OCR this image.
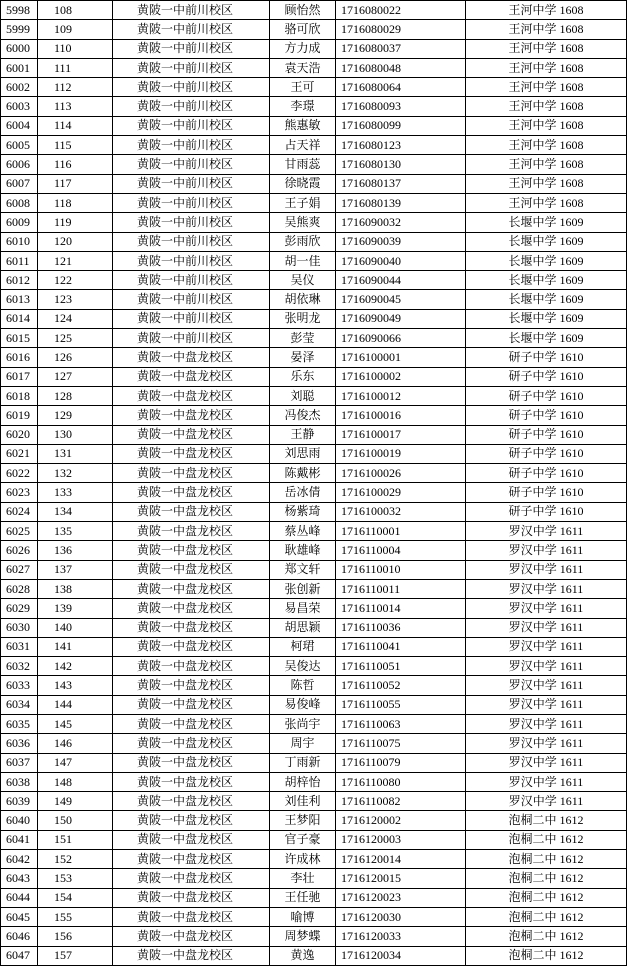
5998	108	黄陂一中前川校区	顾怡然	1716080022	王河中学 1608
5999	109	黄陂一中前川校区	骆可欣	1716080029	王河中学 1608
6000	110	黄陂一中前川校区	方力成	1716080037	王河中学 1608
6001	111	黄陂一中前川校区	袁天浩	1716080048	王河中学 1608
6002	112	黄陂一中前川校区	王可	1716080064	王河中学 1608
6003	113	黄陂一中前川校区	李璟	1716080093	王河中学 1608
6004	114	黄陂一中前川校区	熊惠敏	1716080099	王河中学 1608
6005	115	黄陂一中前川校区	占天祥	1716080123	王河中学 1608
6006	116	黄陂一中前川校区	甘雨蕊	1716080130	王河中学 1608
6007	117	黄陂一中前川校区	徐晓霞	1716080137	王河中学 1608
6008	118	黄陂一中前川校区	王子娟	1716080139	王河中学 1608
6009	119	黄陂一中前川校区	吴熊爽	1716090032	长堰中学 1609
6010	120	黄陂一中前川校区	彭雨欣	1716090039	长堰中学 1609
6011	121	黄陂一中前川校区	胡一佳	1716090040	长堰中学 1609
6012	122	黄陂一中前川校区	吴仪	1716090044	长堰中学 1609
6013	123	黄陂一中前川校区	胡依琳	1716090045	长堰中学 1609
6014	124	黄陂一中前川校区	张明龙	1716090049	长堰中学 1609
6015	125	黄陂一中前川校区	彭莹	1716090066	长堰中学 1609
6016	126	黄陂一中盘龙校区	晏泽	1716100001	研子中学 1610
6017	127	黄陂一中盘龙校区	乐东	1716100002	研子中学 1610
6018	128	黄陂一中盘龙校区	刘聪	1716100012	研子中学 1610
6019	129	黄陂一中盘龙校区	冯俊杰	1716100016	研子中学 1610
6020	130	黄陂一中盘龙校区	王静	1716100017	研子中学 1610
6021	131	黄陂一中盘龙校区	刘思雨	1716100019	研子中学 1610
6022	132	黄陂一中盘龙校区	陈戴彬	1716100026	研子中学 1610
6023	133	黄陂一中盘龙校区	岳冰倩	1716100029	研子中学 1610
6024	134	黄陂一中盘龙校区	杨紫琦	1716100032	研子中学 1610
6025	135	黄陂一中盘龙校区	蔡丛峰	1716110001	罗汉中学 1611
6026	136	黄陂一中盘龙校区	耿雄峰	1716110004	罗汉中学 1611
6027	137	黄陂一中盘龙校区	郑文轩	1716110010	罗汉中学 1611
6028	138	黄陂一中盘龙校区	张创新	1716110011	罗汉中学 1611
6029	139	黄陂一中盘龙校区	易昌荣	1716110014	罗汉中学 1611
6030	140	黄陂一中盘龙校区	胡思颖	1716110036	罗汉中学 1611
6031	141	黄陂一中盘龙校区	柯珺	1716110041	罗汉中学 1611
6032	142	黄陂一中盘龙校区	吴俊达	1716110051	罗汉中学 1611
6033	143	黄陂一中盘龙校区	陈哲	1716110052	罗汉中学 1611
6034	144	黄陂一中盘龙校区	易俊峰	1716110055	罗汉中学 1611
6035	145	黄陂一中盘龙校区	张尚宇	1716110063	罗汉中学 1611
6036	146	黄陂一中盘龙校区	周宇	1716110075	罗汉中学 1611
6037	147	黄陂一中盘龙校区	丁雨新	1716110079	罗汉中学 1611
6038	148	黄陂一中盘龙校区	胡梓怡	1716110080	罗汉中学 1611
6039	149	黄陂一中盘龙校区	刘佳利	1716110082	罗汉中学 1611
6040	150	黄陂一中盘龙校区	王梦阳	1716120002	泡桐二中 1612
6041	151	黄陂一中盘龙校区	官子豪	1716120003	泡桐二中 1612
6042	152	黄陂一中盘龙校区	许成林	1716120014	泡桐二中 1612
6043	153	黄陂一中盘龙校区	李壮	1716120015	泡桐二中 1612
6044	154	黄陂一中盘龙校区	王任驰	1716120023	泡桐二中 1612
6045	155	黄陂一中盘龙校区	喻博	1716120030	泡桐二中 1612
6046	156	黄陂一中盘龙校区	周梦蝶	1716120033	泡桐二中 1612
6047	157	黄陂一中盘龙校区	黄逸	1716120034	泡桐二中 1612
